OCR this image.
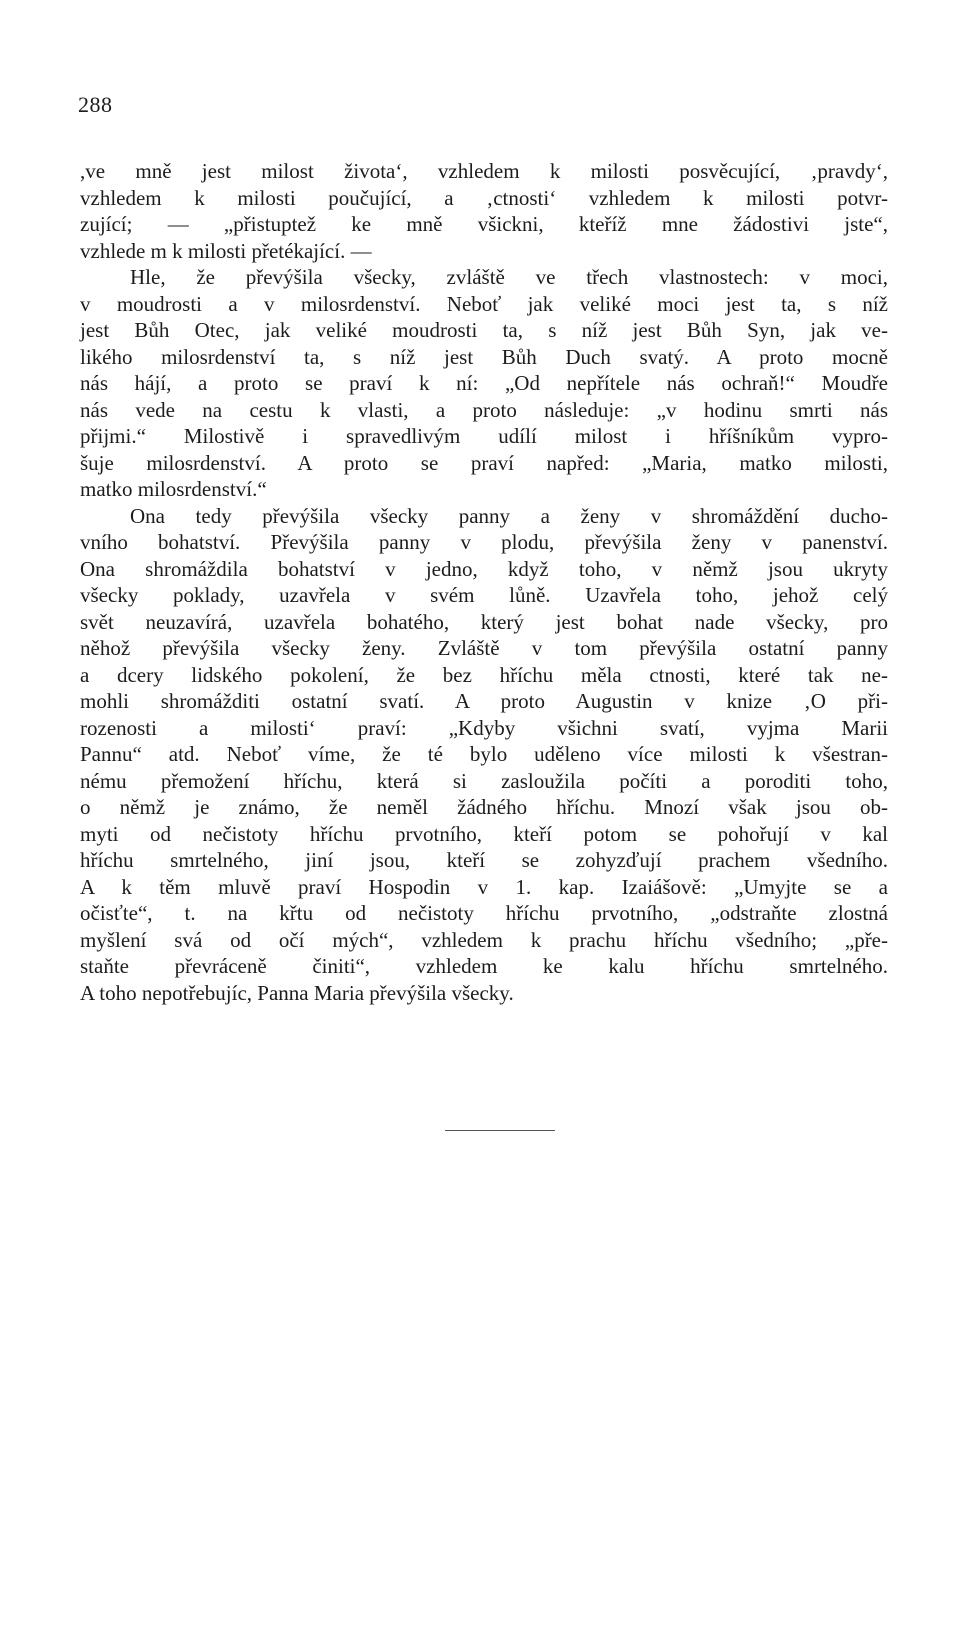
288
,ve mně jest milost života‘, vzhledem k milosti posvěcující, ‚pravdy‘,
vzhledem k milosti poučující, a ‚ctnosti‘ vzhledem k milosti potvr-
zující; — „přistuptež ke mně všickni, kteříž mne žádostivi jste“,
vzhlede m k milosti přetékající. —
Hle, že převýšila všecky, zvláště ve třech vlastnostech: v moci,
v moudrosti a v milosrdenství. Neboť jak veliké moci jest ta, s níž
jest Bůh Otec, jak veliké moudrosti ta, s níž jest Bůh Syn, jak ve-
likého milosrdenství ta, s níž jest Bůh Duch svatý. A proto mocně
nás hájí, a proto se praví k ní: „Od nepřítele nás ochraň!“ Moudře
nás vede na cestu k vlasti, a proto následuje: „v hodinu smrti nás
přijmi.“ Milostivě i spravedlivým udílí milost i hříšníkům vypro-
šuje milosrdenství. A proto se praví napřed: „Maria, matko milosti,
matko milosrdenství.“
Ona tedy převýšila všecky panny a ženy v shromáždění ducho-
vního bohatství. Převýšila panny v plodu, převýšila ženy v panenství.
Ona shromáždila bohatství v jedno, když toho, v němž jsou ukryty
všecky poklady, uzavřela v svém lůně. Uzavřela toho, jehož celý
svět neuzavírá, uzavřela bohatého, který jest bohat nade všecky, pro
něhož převýšila všecky ženy. Zvláště v tom převýšila ostatní panny
a dcery lidského pokolení, že bez hříchu měla ctnosti, které tak ne-
mohli shromážditi ostatní svatí. A proto Augustin v knize ‚O při-
rozenosti a milosti‘ praví: „Kdyby všichni svatí, vyjma Marii
Pannu“ atd. Neboť víme, že té bylo uděleno více milosti k všestran-
nému přemožení hříchu, která si zasloužila počíti a poroditi toho,
o němž je známo, že neměl žádného hříchu. Mnozí však jsou ob-
myti od nečistoty hříchu prvotního, kteří potom se pohořují v kal
hříchu smrtelného, jiní jsou, kteří se zohyzďují prachem všedního.
A k těm mluvě praví Hospodin v 1. kap. Izaiášově: „Umyjte se a
očisťte“, t. na křtu od nečistoty hříchu prvotního, „odstraňte zlostná
myšlení svá od očí mých“, vzhledem k prachu hříchu všedního; „pře-
staňte převráceně činiti“, vzhledem ke kalu hříchu smrtelného.
A toho nepotřebujíc, Panna Maria převýšila všecky.
